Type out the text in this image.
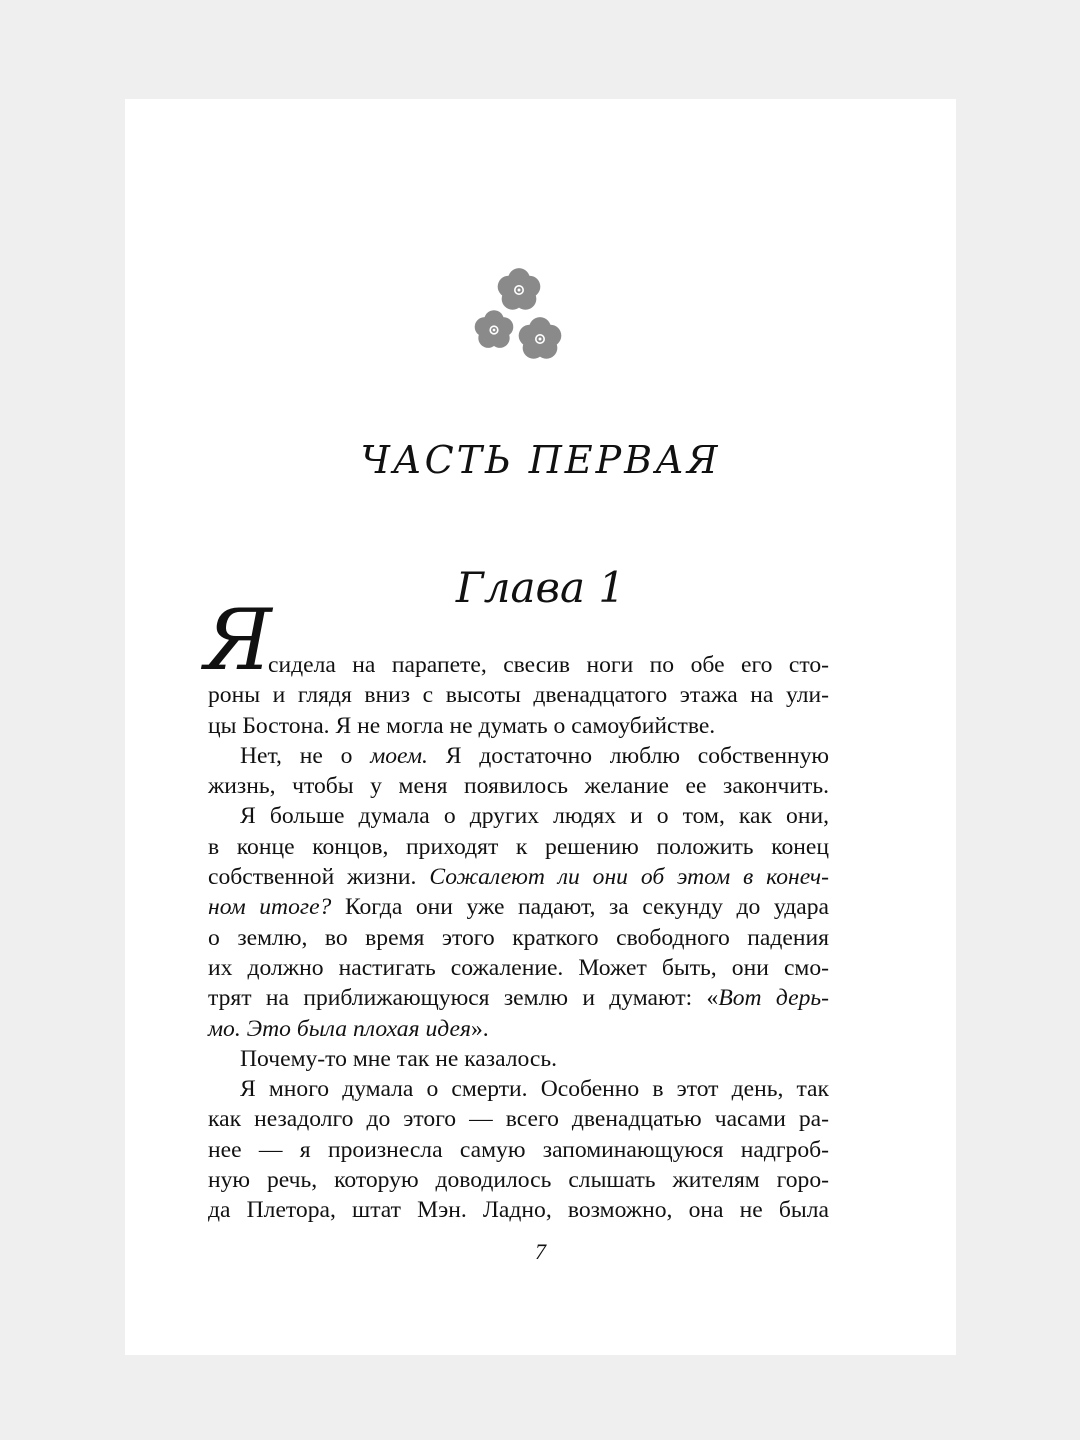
ЧАСТЬ ПЕРВАЯ
Глава 1
Я
сидела на парапете, свесив ноги по обе его сто-
роны и глядя вниз с высоты двенадцатого этажа на ули-
цы Бостона. Я не могла не думать о самоубийстве.
Нет, не о моем. Я достаточно люблю собственную
жизнь, чтобы у меня появилось желание ее закончить.
Я больше думала о других людях и о том, как они,
в конце концов, приходят к решению положить конец
собственной жизни. Сожалеют ли они об этом в конеч-
ном итоге? Когда они уже падают, за секунду до удара
о землю, во время этого краткого свободного падения
их должно настигать сожаление. Может быть, они смо-
трят на приближающуюся землю и думают: «Вот дерь-
мо. Это была плохая идея».
Почему-то мне так не казалось.
Я много думала о смерти. Особенно в этот день, так
как незадолго до этого — всего двенадцатью часами ра-
нее — я произнесла самую запоминающуюся надгроб-
ную речь, которую доводилось слышать жителям горо-
да Плетора, штат Мэн. Ладно, возможно, она не была
7
